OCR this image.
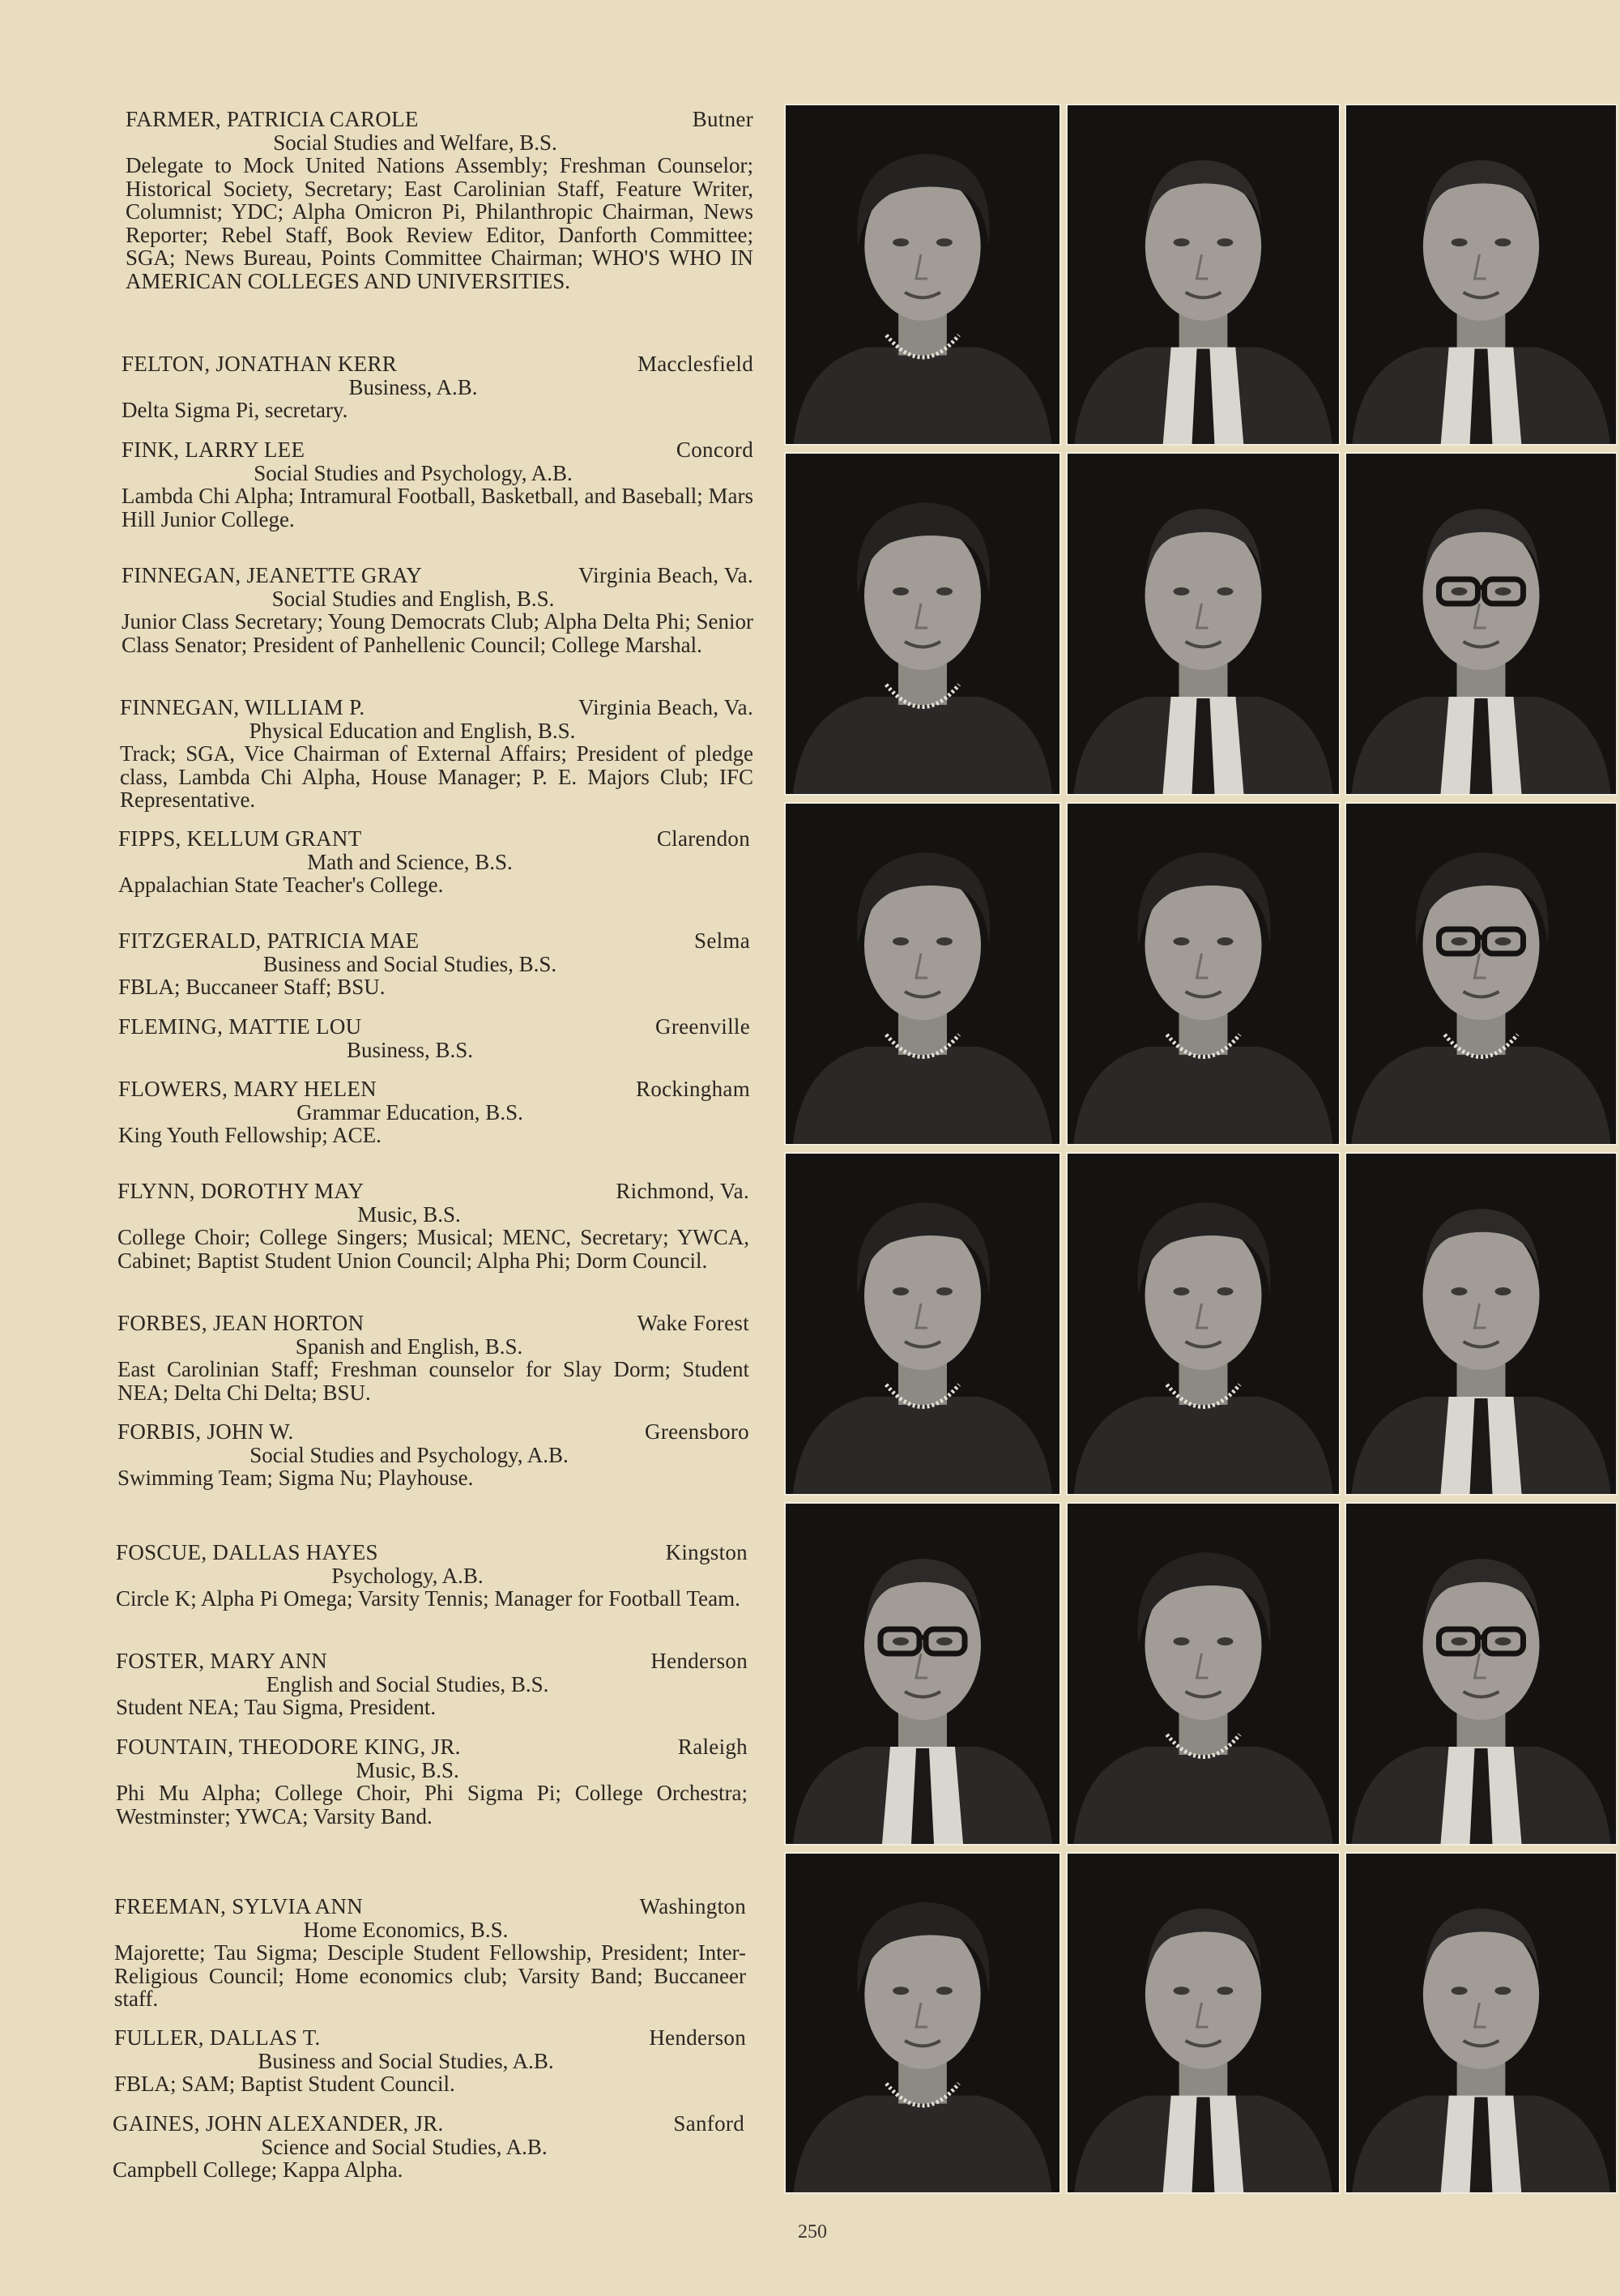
FARMER, PATRICIA CAROLE	Butner
Social Studies and Welfare, B.S.
Delegate to Mock United Nations Assembly; Freshman Counselor; Historical Society, Secretary; East Carolinian Staff, Feature Writer, Columnist; YDC; Alpha Omicron Pi, Philanthropic Chairman, News Reporter; Rebel Staff, Book Review Editor, Danforth Committee; SGA; News Bureau, Points Committee Chairman; WHO'S WHO IN AMERICAN COLLEGES AND UNIVERSITIES.
FELTON, JONATHAN KERR	Macclesfield
Business, A.B.
Delta Sigma Pi, secretary.
FINK, LARRY LEE	Concord
Social Studies and Psychology, A.B.
Lambda Chi Alpha; Intramural Football, Basketball, and Baseball; Mars Hill Junior College.
FINNEGAN, JEANETTE GRAY	Virginia Beach, Va.
Social Studies and English, B.S.
Junior Class Secretary; Young Democrats Club; Alpha Delta Phi; Senior Class Senator; President of Panhellenic Council; College Marshal.
FINNEGAN, WILLIAM P.	Virginia Beach, Va.
Physical Education and English, B.S.
Track; SGA, Vice Chairman of External Affairs; President of pledge class, Lambda Chi Alpha, House Manager; P. E. Majors Club; IFC Representative.
FIPPS, KELLUM GRANT	Clarendon
Math and Science, B.S.
Appalachian State Teacher's College.
FITZGERALD, PATRICIA MAE	Selma
Business and Social Studies, B.S.
FBLA; Buccaneer Staff; BSU.
FLEMING, MATTIE LOU	Greenville
Business, B.S.
FLOWERS, MARY HELEN	Rockingham
Grammar Education, B.S.
King Youth Fellowship; ACE.
FLYNN, DOROTHY MAY	Richmond, Va.
Music, B.S.
College Choir; College Singers; Musical; MENC, Secretary; YWCA, Cabinet; Baptist Student Union Council; Alpha Phi; Dorm Council.
FORBES, JEAN HORTON	Wake Forest
Spanish and English, B.S.
East Carolinian Staff; Freshman counselor for Slay Dorm; Student NEA; Delta Chi Delta; BSU.
FORBIS, JOHN W.	Greensboro
Social Studies and Psychology, A.B.
Swimming Team; Sigma Nu; Playhouse.
FOSCUE, DALLAS HAYES	Kingston
Psychology, A.B.
Circle K; Alpha Pi Omega; Varsity Tennis; Manager for Football Team.
FOSTER, MARY ANN	Henderson
English and Social Studies, B.S.
Student NEA; Tau Sigma, President.
FOUNTAIN, THEODORE KING, JR.	Raleigh
Music, B.S.
Phi Mu Alpha; College Choir, Phi Sigma Pi; College Orchestra; Westminster; YWCA; Varsity Band.
FREEMAN, SYLVIA ANN	Washington
Home Economics, B.S.
Majorette; Tau Sigma; Desciple Student Fellowship, President; Inter-Religious Council; Home economics club; Varsity Band; Buccaneer staff.
FULLER, DALLAS T.	Henderson
Business and Social Studies, A.B.
FBLA; SAM; Baptist Student Council.
GAINES, JOHN ALEXANDER, JR.	Sanford
Science and Social Studies, A.B.
Campbell College; Kappa Alpha.
250
